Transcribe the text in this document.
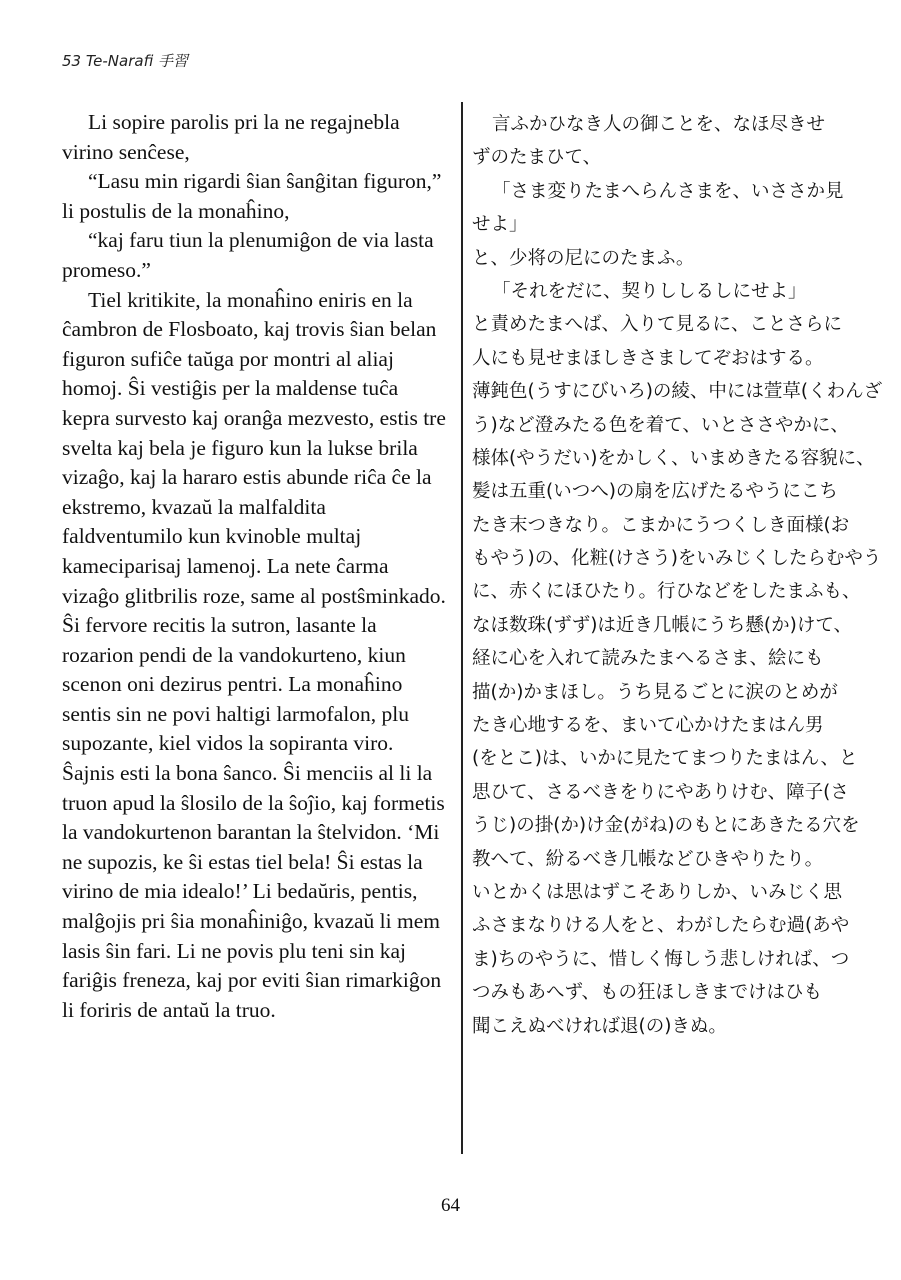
53 Te-Narafi 手習

Li sopire parolis pri la ne regajnebla virino senĉese,

“Lasu min rigardi ŝian ŝanĝitan figuron,”

li postulis de la monaĥino,

“kaj faru tiun la plenumiĝon de via lasta promeso.”

Tiel kritikite, la monaĥino eniris en la ĉambron de Flosboato, kaj trovis ŝian belan figuron sufiĉe taŭga por montri al aliaj homoj. Ŝi vestiĝis per la maldense tuĉa kepra survesto kaj oranĝa mezvesto, estis tre svelta kaj bela je figuro kun la lukse brila vizaĝo, kaj la hararo estis abunde riĉa ĉe la ekstremo, kvazaŭ la malfaldita faldventumilo kun kvinoble multaj kameciparisaj lamenoj. La nete ĉarma vizaĝo glitbrilis roze, same al postŝminkado. Ŝi fervore recitis la sutron, lasante la rozarion pendi de la vandokurteno, kiun scenon oni dezirus pentri. La monaĥino sentis sin ne povi haltigi larmofalon, plu supozante, kiel vidos la sopiranta viro. Ŝajnis esti la bona ŝanco. Ŝi menciis al li la truon apud la ŝlosilo de la ŝoĵio, kaj formetis la vandokurtenon barantan la ŝtelvidon. ‘Mi ne supozis, ke ŝi estas tiel bela! Ŝi estas la virino de mia idealo!’ Li bedaŭris, pentis, malĝojis pri ŝia monaĥiniĝo, kvazaŭ li mem lasis ŝin fari. Li ne povis plu teni sin kaj fariĝis freneza, kaj por eviti ŝian rimarkiĝon li foriris de antaŭ la truo.

言ふかひなき人の御ことを、なほ尽きせ
ずのたまひて、
「さま変りたまへらんさまを、いささか見
せよ」
と、少将の尼にのたまふ。
「それをだに、契りししるしにせよ」
と責めたまへば、入りて見るに、ことさらに
人にも見せまほしきさましてぞおはする。
薄鈍色(うすにびいろ)の綾、中には萱草(くわんざ
う)など澄みたる色を着て、いとささやかに、
様体(やうだい)をかしく、いまめきたる容貌に、
髪は五重(いつへ)の扇を広げたるやうにこち
たき末つきなり。こまかにうつくしき面様(お
もやう)の、化粧(けさう)をいみじくしたらむやう
に、赤くにほひたり。行ひなどをしたまふも、
なほ数珠(ずず)は近き几帳にうち懸(か)けて、
経に心を入れて読みたまへるさま、絵にも
描(か)かまほし。うち見るごとに涙のとめが
たき心地するを、まいて心かけたまはん男
(をとこ)は、いかに見たてまつりたまはん、と
思ひて、さるべきをりにやありけむ、障子(さ
うじ)の掛(か)け金(がね)のもとにあきたる穴を
教へて、紛るべき几帳などひきやりたり。
いとかくは思はずこそありしか、いみじく思
ふさまなりける人をと、わがしたらむ過(あや
ま)ちのやうに、惜しく悔しう悲しければ、つ
つみもあへず、もの狂ほしきまでけはひも
聞こえぬべければ退(の)きぬ。
64
